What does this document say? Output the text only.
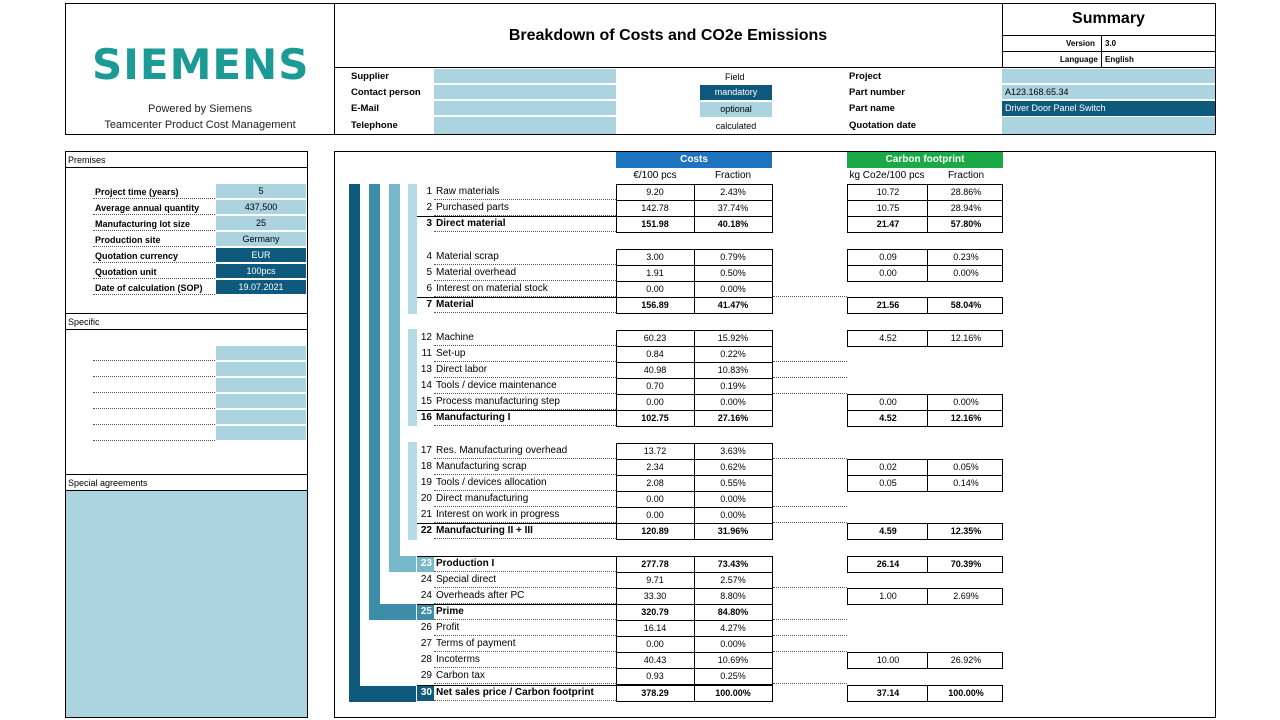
SIEMENS
Powered by Siemens
Teamcenter Product Cost Management
Breakdown of Costs and CO2e Emissions
Summary
Version 3.0
Language English
Supplier
Contact person
E-Mail
Telephone
Field
mandatory
optional
calculated
Project
Part number
Part name
Quotation date
A123.168.65.34
Driver Door Panel Switch
Premises
Project time (years)	5
Average annual quantity	437,500
Manufacturing lot size	25
Production site	Germany
Quotation currency	EUR
Quotation unit	100pcs
Date of calculation (SOP)	19.07.2021
Specific
Special agreements
Costs	Carbon footprint
€/100 pcs	Fraction	kg Co2e/100 pcs	Fraction
1 Raw materials	9.20	2.43%	10.72	28.86%
2 Purchased parts	142.78	37.74%	10.75	28.94%
3 Direct material	151.98	40.18%	21.47	57.80%
4 Material scrap	3.00	0.79%	0.09	0.23%
5 Material overhead	1.91	0.50%	0.00	0.00%
6 Interest on material stock	0.00	0.00%
7 Material	156.89	41.47%	21.56	58.04%
12 Machine	60.23	15.92%	4.52	12.16%
11 Set-up	0.84	0.22%
13 Direct labor	40.98	10.83%
14 Tools / device maintenance	0.70	0.19%
15 Process manufacturing step	0.00	0.00%	0.00	0.00%
16 Manufacturing I	102.75	27.16%	4.52	12.16%
17 Res. Manufacturing overhead	13.72	3.63%
18 Manufacturing scrap	2.34	0.62%	0.02	0.05%
19 Tools / devices allocation	2.08	0.55%	0.05	0.14%
20 Direct manufacturing	0.00	0.00%
21 Interest on work in progress	0.00	0.00%
22 Manufacturing II + III	120.89	31.96%	4.59	12.35%
23 Production I	277.78	73.43%	26.14	70.39%
24 Special direct	9.71	2.57%
24 Overheads after PC	33.30	8.80%	1.00	2.69%
25 Prime	320.79	84.80%
26 Profit	16.14	4.27%
27 Terms of payment	0.00	0.00%
28 Incoterms	40.43	10.69%	10.00	26.92%
29 Carbon tax	0.93	0.25%
30 Net sales price / Carbon footprint	378.29	100.00%	37.14	100.00%
